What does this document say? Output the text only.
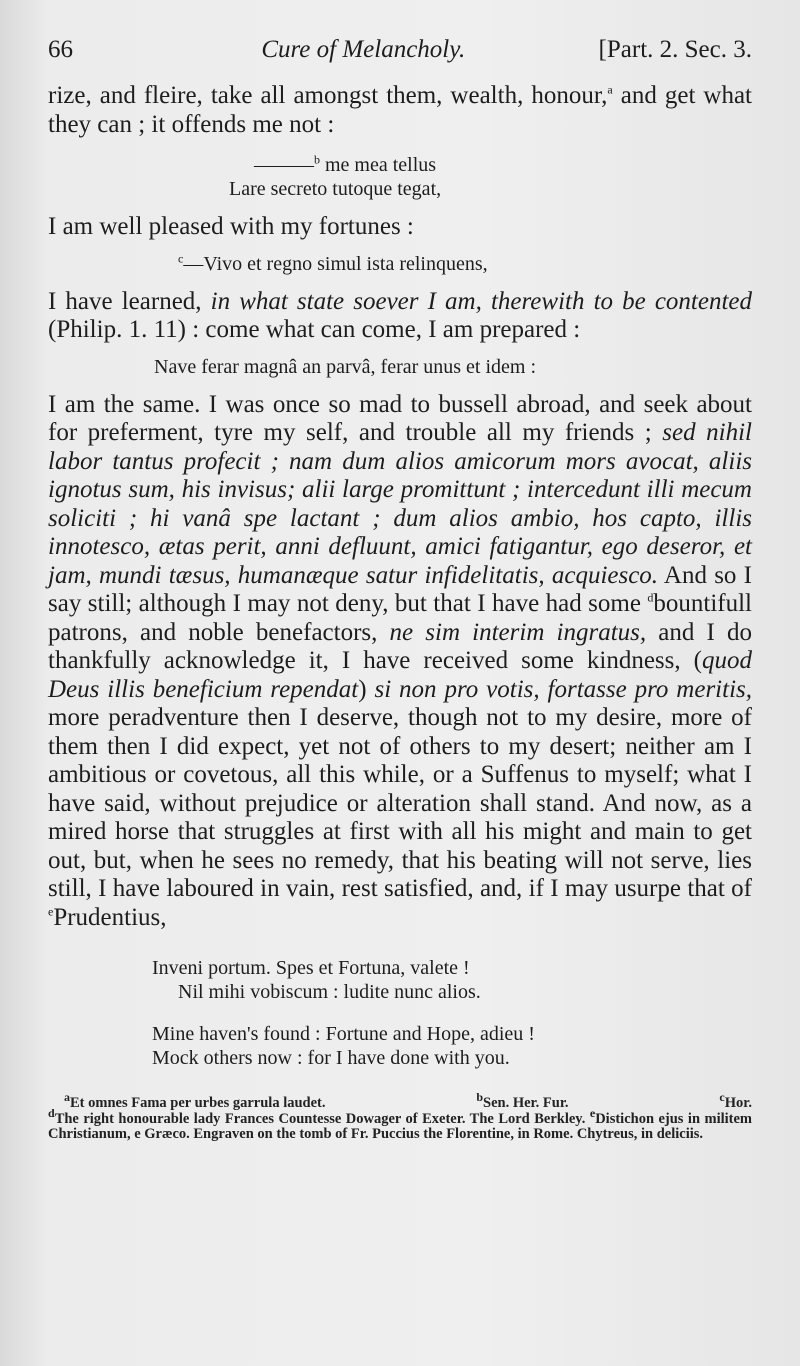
66	Cure of Melancholy.	[Part. 2. Sec. 3.

rize, and fleire, take all amongst them, wealth, honour,$^a$ and get what they can ; it offends me not :

———$^b$ me mea tellus
Lare secreto tutoque tegat,

I am well pleased with my fortunes :

$^c$—Vivo et regno simul ista relinquens,

I have learned, in what state soever I am, therewith to be contented (Philip. 1. 11) : come what can come, I am prepared :

Nave ferar magnâ an parvâ, ferar unus et idem :

I am the same. I was once so mad to bussell abroad, and seek about for preferment, tyre my self, and trouble all my friends ; sed nihil labor tantus profecit ; nam dum alios amicorum mors avocat, aliis ignotus sum, his invisus; alii large promittunt ; intercedunt illi mecum soliciti ; hi vanâ spe lactant ; dum alios ambio, hos capto, illis innotesco, ætas perit, anni defluunt, amici fatigantur, ego deseror, et jam, mundi tæsus, humanæque satur infidelitatis, acquiesco. And so I say still; although I may not deny, but that I have had some $^d$bountifull patrons, and noble benefactors, ne sim interim ingratus, and I do thankfully acknowledge it, I have received some kindness, (quod Deus illis beneficium rependat) si non pro votis, fortasse pro meritis, more peradventure then I deserve, though not to my desire, more of them then I did expect, yet not of others to my desert; neither am I ambitious or covetous, all this while, or a Suffenus to myself; what I have said, without prejudice or alteration shall stand. And now, as a mired horse that struggles at first with all his might and main to get out, but, when he sees no remedy, that his beating will not serve, lies still, I have laboured in vain, rest satisfied, and, if I may usurpe that of $^e$Prudentius,

Inveni portum. Spes et Fortuna, valete !
Nil mihi vobiscum : ludite nunc alios.
Mine haven's found : Fortune and Hope, adieu !
Mock others now : for I have done with you.
$^a$Et omnes Fama per urbes garrula laudet.	$^b$Sen. Her. Fur.	$^c$Hor.
$^d$The right honourable lady Frances Countesse Dowager of Exeter. The Lord Berkley. $^e$Distichon ejus in militem Christianum, e Græco. Engraven on the tomb of Fr. Puccius the Florentine, in Rome. Chytreus, in deliciis.
